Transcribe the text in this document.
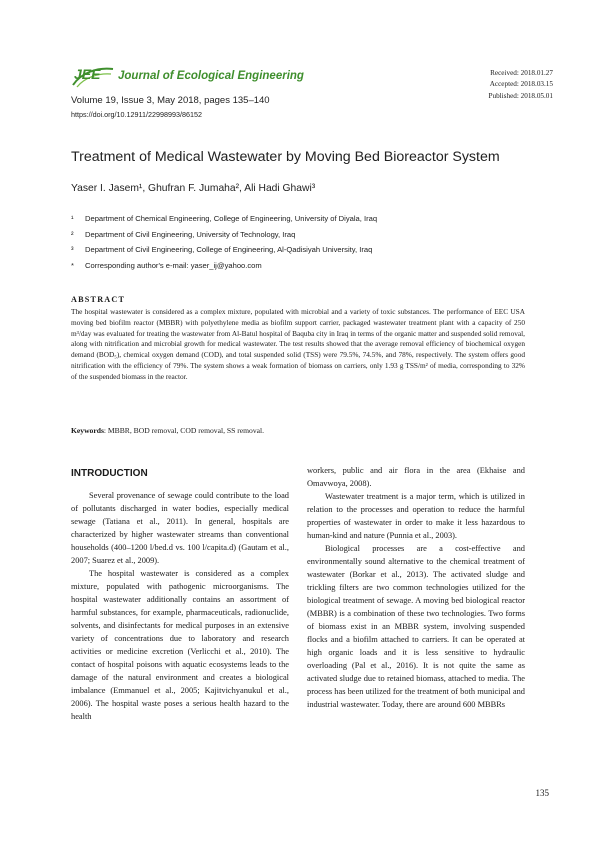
JEE Journal of Ecological Engineering
Volume 19, Issue 3, May 2018, pages 135–140
https://doi.org/10.12911/22998993/86152
Received: 2018.01.27
Accepted: 2018.03.15
Published: 2018.05.01
Treatment of Medical Wastewater by Moving Bed Bioreactor System
Yaser I. Jasem¹, Ghufran F. Jumaha², Ali Hadi Ghawi³
¹	Department of Chemical Engineering, College of Engineering, University of Diyala, Iraq
²	Department of Civil Engineering, University of Technology, Iraq
³	Department of Civil Engineering, College of Engineering, Al-Qadisiyah University, Iraq
*	Corresponding author's e-mail: yaser_ij@yahoo.com
ABSTRACT
The hospital wastewater is considered as a complex mixture, populated with microbial and a variety of toxic substances. The performance of EEC USA moving bed biofilm reactor (MBBR) with polyethylene media as biofilm support carrier, packaged wastewater treatment plant with a capacity of 250 m³/day was evaluated for treating the wastewater from Al-Batul hospital of Baquba city in Iraq in terms of the organic matter and suspended solid removal, along with nitrification and microbial growth for medical wastewater. The test results showed that the average removal efficiency of biochemical oxygen demand (BOD₅), chemical oxygen demand (COD), and total suspended solid (TSS) were 79.5%, 74.5%, and 78%, respectively. The system offers good nitrification with the efficiency of 79%. The system shows a weak formation of biomass on carriers, only 1.93 g TSS/m² of media, corresponding to 32% of the suspended biomass in the reactor.
Keywords: MBBR, BOD removal, COD removal, SS removal.
INTRODUCTION

Several provenance of sewage could contribute to the load of pollutants discharged in water bodies, especially medical sewage (Tatiana et al., 2011). In general, hospitals are characterized by higher wastewater streams than conventional households (400–1200 l/bed.d vs. 100 l/capita.d) (Gautam et al., 2007; Suarez et al., 2009).

The hospital wastewater is considered as a complex mixture, populated with pathogenic microorganisms. The hospital wastewater additionally contains an assortment of harmful substances, for example, pharmaceuticals, radionuclide, solvents, and disinfectants for medical purposes in an extensive variety of concentrations due to laboratory and research activities or medicine excretion (Verlicchi et al., 2010). The contact of hospital poisons with aquatic ecosystems leads to the damage of the natural environment and creates a biological imbalance (Emmanuel et al., 2005; Kajitvichyanukul et al., 2006). The hospital waste poses a serious health hazard to the health

workers, public and air flora in the area (Ekhaise and Omavwoya, 2008).

Wastewater treatment is a major term, which is utilized in relation to the processes and operation to reduce the harmful properties of wastewater in order to make it less hazardous to human-kind and nature (Punnia et al., 2003).

Biological processes are a cost-effective and environmentally sound alternative to the chemical treatment of wastewater (Borkar et al., 2013). The activated sludge and trickling filters are two common technologies utilized for the biological treatment of sewage. A moving bed biological reactor (MBBR) is a combination of these two technologies. Two forms of biomass exist in an MBBR system, involving suspended flocks and a biofilm attached to carriers. It can be operated at high organic loads and it is less sensitive to hydraulic overloading (Pal et al., 2016). It is not quite the same as activated sludge due to retained biomass, attached to media. The process has been utilized for the treatment of both municipal and industrial wastewater. Today, there are around 600 MBBRs

135
